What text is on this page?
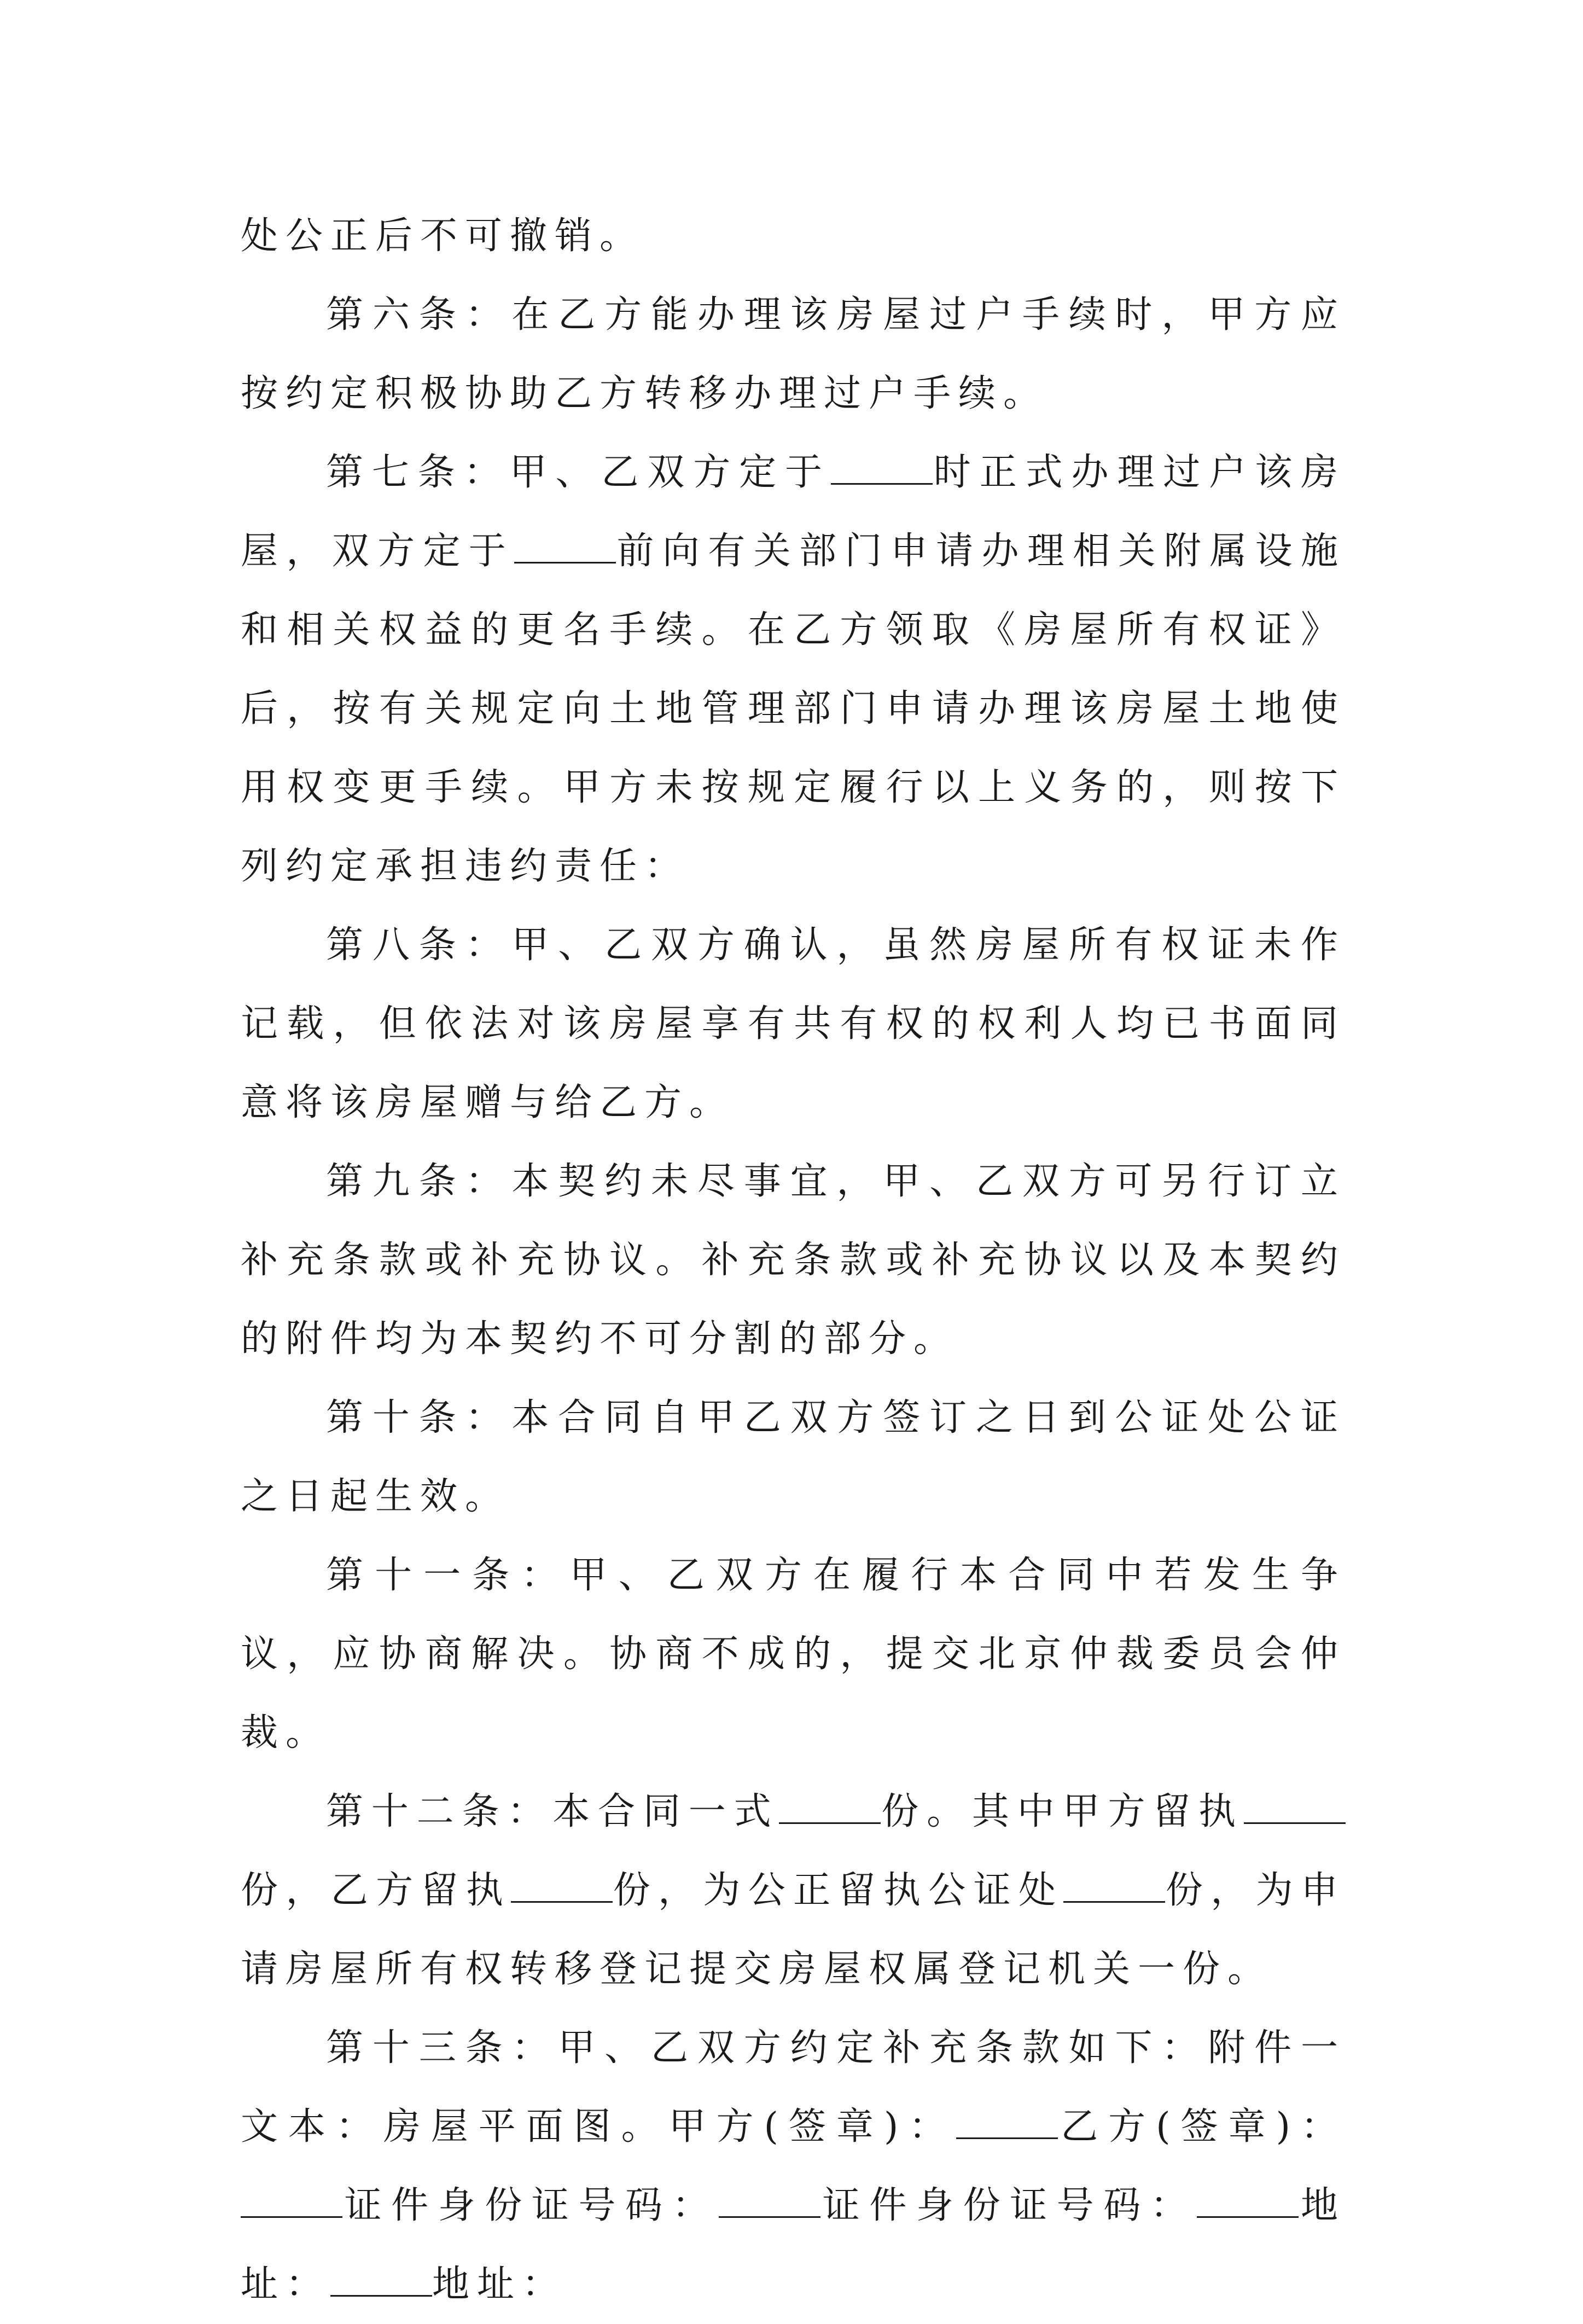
处公正后不可撤销。

第六条：在乙方能办理该房屋过户手续时，甲方应按约定积极协助乙方转移办理过户手续。

第七条：甲、乙双方定于	时正式办理过户该房屋，双方定于	前向有关部门申请办理相关附属设施和相关权益的更名手续。在乙方领取《房屋所有权证》后，按有关规定向土地管理部门申请办理该房屋土地使用权变更手续。甲方未按规定履行以上义务的，则按下列约定承担违约责任：

第八条：甲、乙双方确认，虽然房屋所有权证未作记载，但依法对该房屋享有共有权的权利人均已书面同意将该房屋赠与给乙方。

第九条：本契约未尽事宜，甲、乙双方可另行订立补充条款或补充协议。补充条款或补充协议以及本契约的附件均为本契约不可分割的部分。

第十条：本合同自甲乙双方签订之日到公证处公证之日起生效。

第十一条：甲、乙双方在履行本合同中若发生争议，应协商解决。协商不成的，提交北京仲裁委员会仲裁。

第十二条：本合同一式	份。其中甲方留执份，乙方留执	份，为公正留执公证处	份，为申请房屋所有权转移登记提交房屋权属登记机关一份。

第十三条：甲、乙双方约定补充条款如下：附件一文本：房屋平面图。甲方(签章)：	乙方(签章)：证件身份证号码：	证件身份证号码：	地址：	地址：
